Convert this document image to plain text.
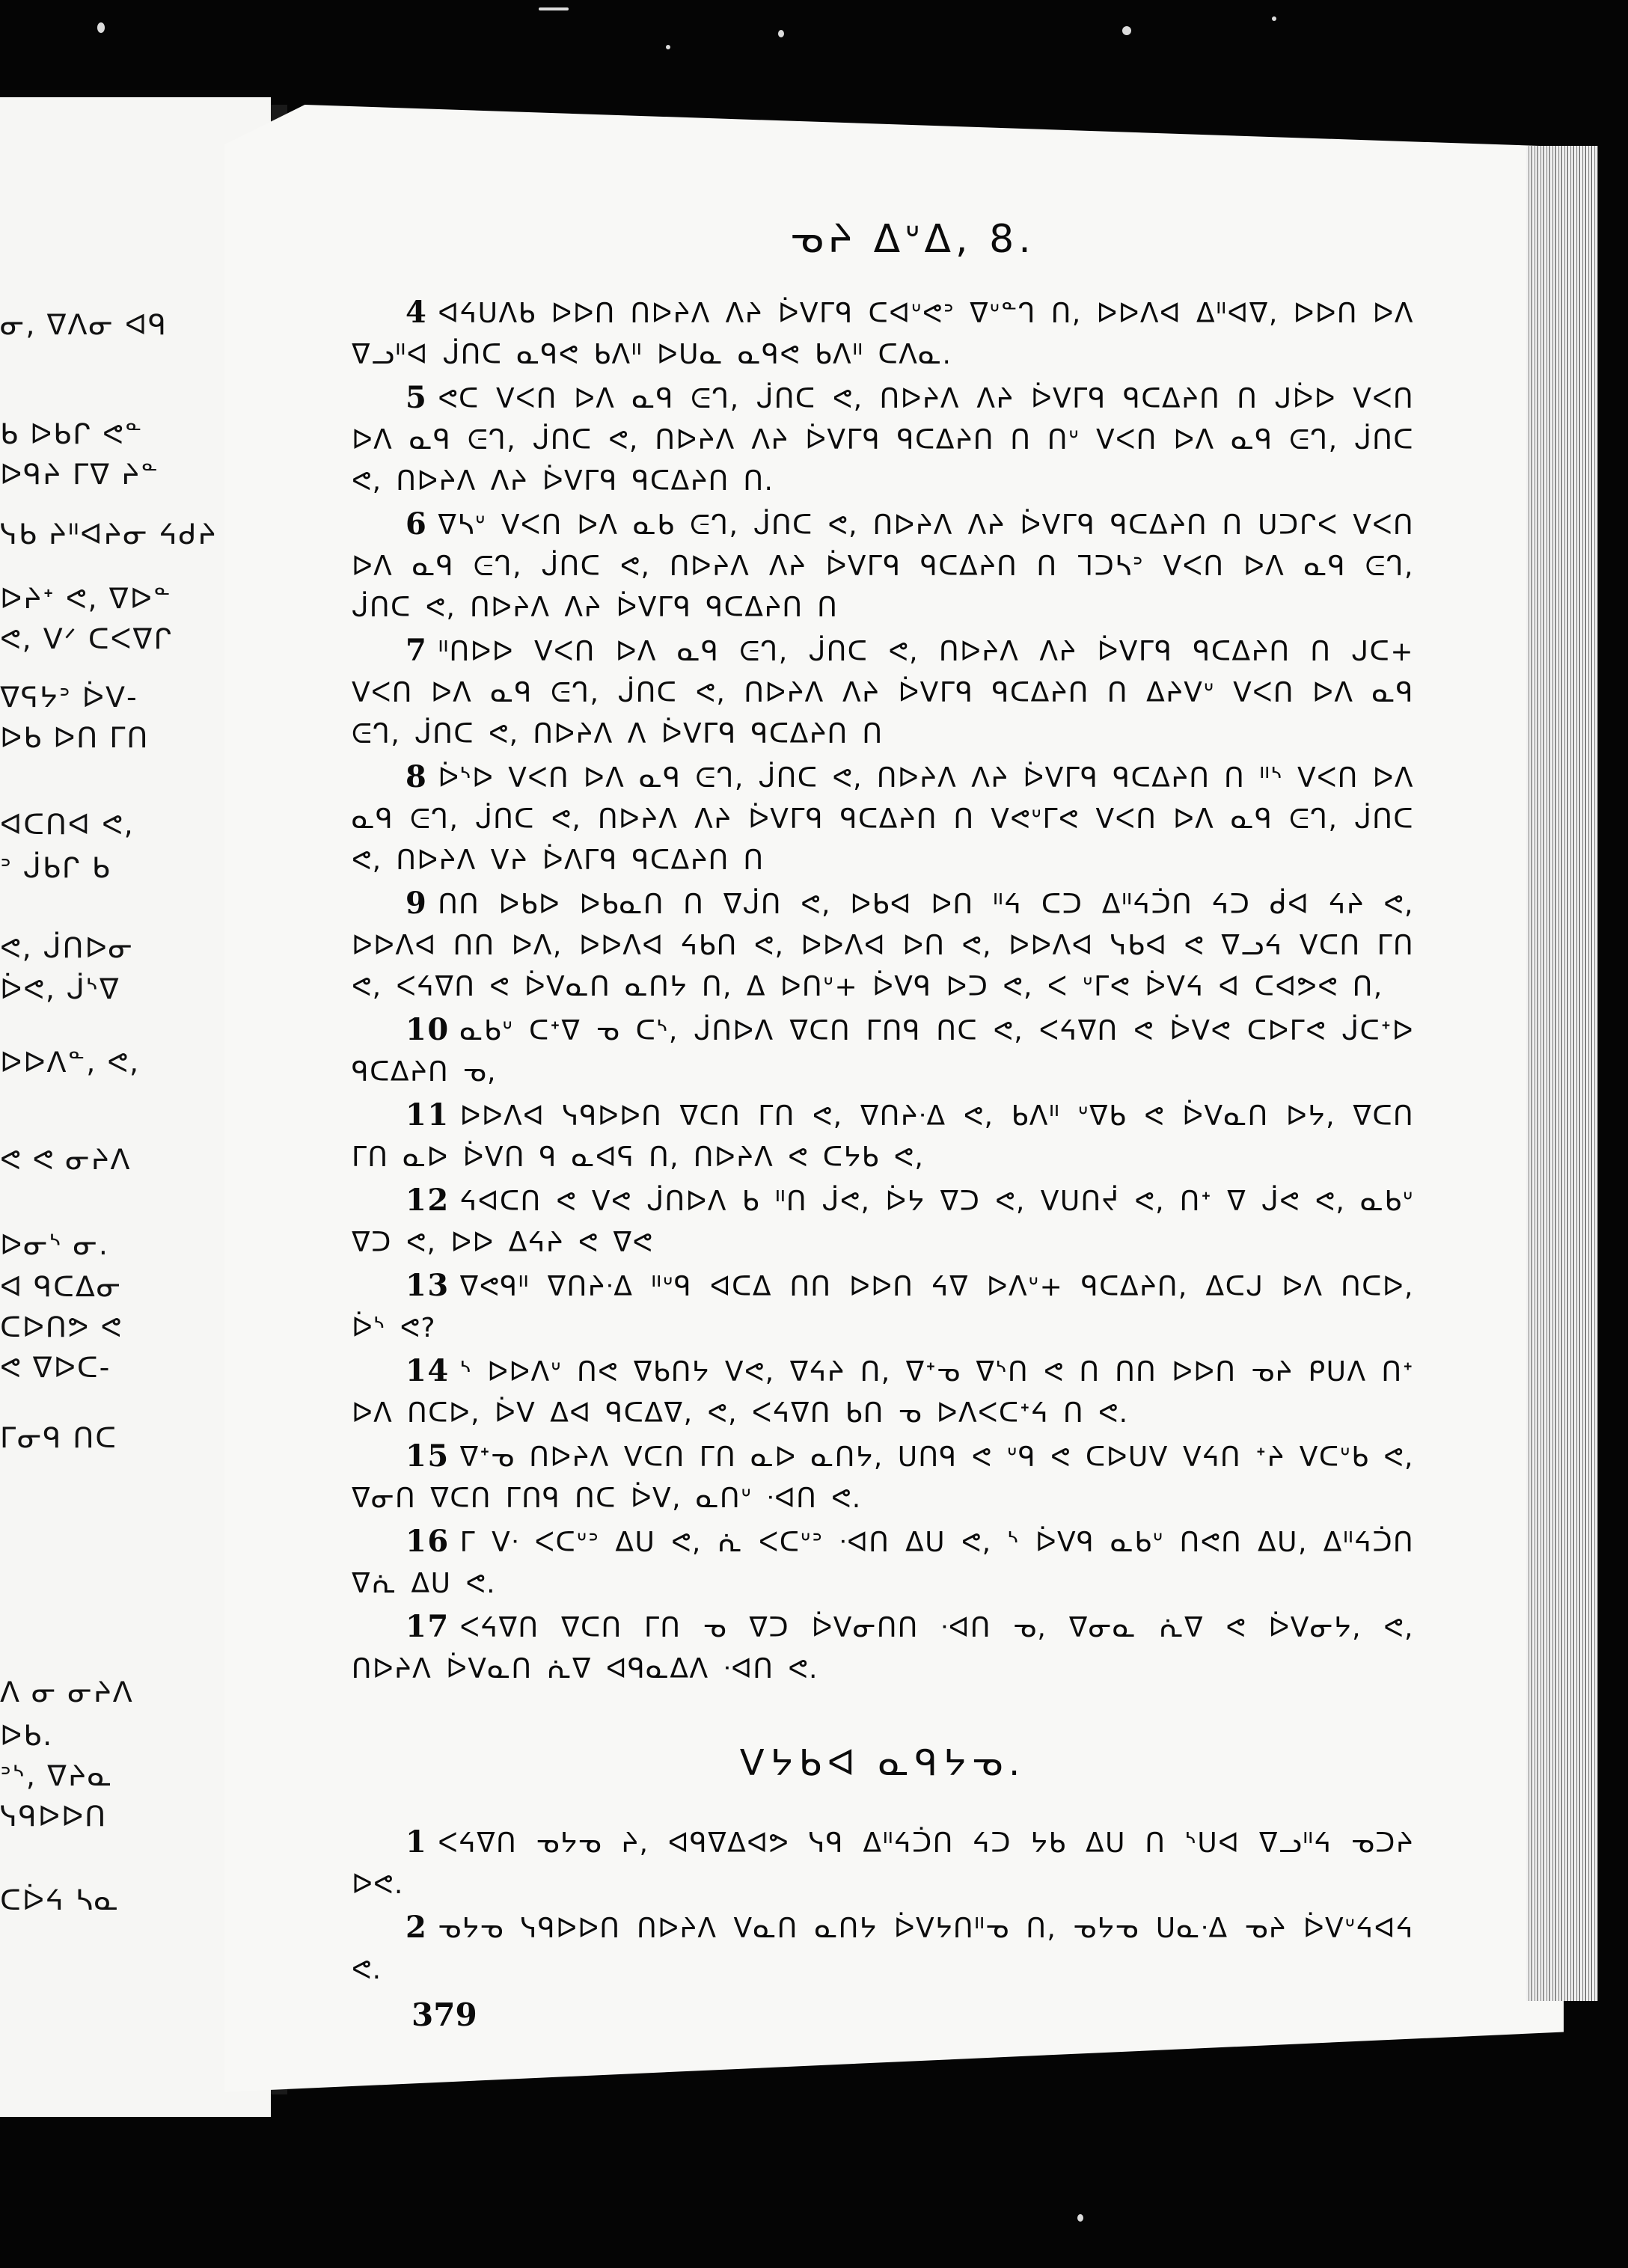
ᓂ, ᐁᐱᓂ ᐊᑫ
ᑲ ᐅᑲᒋ ᕙᓐ
ᐅᑫᔨ ᒥᐁ ᔨᓐ
ᓭᑲ ᔨᐦᐊᔨᓂ ᔦᑯᔨ
ᐅᔨᐩ ᕙ, ᐁᐅᓐ
ᕙ, ᐯᐟ ᑕᐸᐁᒋ
ᐁᕋᔭᐣ ᐆᐯ-
ᐅᑲ ᐅᑎ ᒥᑎ
ᐊᑕᑎᐊ ᕙ,
ᐣ ᒎᑲᒋ ᑲ
ᕙ, ᒎᑎᐅᓂ
ᐆᕙ, ᒎᔅᐁ
ᐅᐅᐱᓐ, ᕙ,
ᕙ ᕙ ᓂᔨᐱ
ᐅᓂᔅ ᓂ.
ᐊ ᑫᑕᐃᓂ
ᑕᐅᑎᕗ ᕙ
ᕙ ᐁᐅᑕ-
ᒥᓂᑫ ᑎᑕ
ᐱ ᓂ ᓂᔨᐱ
ᐅᑲ.
ᐣᔅ, ᐁᔨᓇ
ᓭᑫᐅᐅᑎ
ᑕᐆᔦ ᓴᓇ
ᓀᔨ ᐃᐡᐃ, 8.

4 ᐊᔦᑌᐱᑲ ᐅᐅᑎ ᑎᐅᔨᐱ ᐱᔨ ᐆᐯᒥᑫ ᑕᐊᐡᕙᐣ ᐁᐡᓐᒉ ᑎ, ᐅᐅᐱᐊ ᐃᐦᐊᐁ, ᐅᐅᑎ ᐅᐱ ᐁᓗᐦᐊ ᒎᑎᑕ ᓇᑫᕙ ᑲᐱᐦ ᐅᑌᓇ ᓇᑫᕙ ᑲᐱᐦ ᑕᐱᓇ.

5 ᕙᑕ ᐯᐸᑎ ᐅᐱ ᓇᑫ ᕮᒉ, ᒎᑎᑕ ᕙ, ᑎᐅᔨᐱ ᐱᔨ ᐆᐯᒥᑫ ᑫᑕᐃᔨᑎ ᑎ ᒍᐆᐅ ᐯᐸᑎ ᐅᐱ ᓇᑫ ᕮᒉ, ᒎᑎᑕ ᕙ, ᑎᐅᔨᐱ ᐱᔨ ᐆᐯᒥᑫ ᑫᑕᐃᔨᑎ ᑎ ᑎᐡ ᐯᐸᑎ ᐅᐱ ᓇᑫ ᕮᒉ, ᒎᑎᑕ ᕙ, ᑎᐅᔨᐱ ᐱᔨ ᐆᐯᒥᑫ ᑫᑕᐃᔨᑎ ᑎ.

6 ᐁᓴᐡ ᐯᐸᑎ ᐅᐱ ᓇᑲ ᕮᒉ, ᒎᑎᑕ ᕙ, ᑎᐅᔨᐱ ᐱᔨ ᐆᐯᒥᑫ ᑫᑕᐃᔨᑎ ᑎ ᑌᑐᒋᐸ ᐯᐸᑎ ᐅᐱ ᓇᑫ ᕮᒉ, ᒎᑎᑕ ᕙ, ᑎᐅᔨᐱ ᐱᔨ ᐆᐯᒥᑫ ᑫᑕᐃᔨᑎ ᑎ ᒣᑐᓴᐣ ᐯᐸᑎ ᐅᐱ ᓇᑫ ᕮᒉ, ᒎᑎᑕ ᕙ, ᑎᐅᔨᐱ ᐱᔨ ᐆᐯᒥᑫ ᑫᑕᐃᔨᑎ ᑎ

7 ᐦᑎᐅᐅ ᐯᐸᑎ ᐅᐱ ᓇᑫ ᕮᒉ, ᒎᑎᑕ ᕙ, ᑎᐅᔨᐱ ᐱᔨ ᐆᐯᒥᑫ ᑫᑕᐃᔨᑎ ᑎ ᒍᑕ+ ᐯᐸᑎ ᐅᐱ ᓇᑫ ᕮᒉ, ᒎᑎᑕ ᕙ, ᑎᐅᔨᐱ ᐱᔨ ᐆᐯᒥᑫ ᑫᑕᐃᔨᑎ ᑎ ᐃᔨᐯᐡ ᐯᐸᑎ ᐅᐱ ᓇᑫ ᕮᒉ, ᒎᑎᑕ ᕙ, ᑎᐅᔨᐱ ᐱ ᐆᐯᒥᑫ ᑫᑕᐃᔨᑎ ᑎ

8 ᐆᔅᐅ ᐯᐸᑎ ᐅᐱ ᓇᑫ ᕮᒉ, ᒎᑎᑕ ᕙ, ᑎᐅᔨᐱ ᐱᔨ ᐆᐯᒥᑫ ᑫᑕᐃᔨᑎ ᑎ ᐦᔅ ᐯᐸᑎ ᐅᐱ ᓇᑫ ᕮᒉ, ᒎᑎᑕ ᕙ, ᑎᐅᔨᐱ ᐱᔨ ᐆᐯᒥᑫ ᑫᑕᐃᔨᑎ ᑎ ᐯᕙᐡᒥᕙ ᐯᐸᑎ ᐅᐱ ᓇᑫ ᕮᒉ, ᒎᑎᑕ ᕙ, ᑎᐅᔨᐱ ᐯᔨ ᐆᐱᒥᑫ ᑫᑕᐃᔨᑎ ᑎ

9 ᑎᑎ ᐅᑲᐅ ᐅᑲᓇᑎ ᑎ ᐁᒎᑎ ᕙ, ᐅᑲᐊ ᐅᑎ ᐦᔦ ᑕᑐ ᐃᐦᔦᑑᑎ ᔦᑐ ᑰᐊ ᔦᔨ ᕙ, ᐅᐅᐱᐊ ᑎᑎ ᐅᐱ, ᐅᐅᐱᐊ ᔦᑲᑎ ᕙ, ᐅᐅᐱᐊ ᐅᑎ ᕙ, ᐅᐅᐱᐊ ᓭᑲᐊ ᕙ ᐁᓗᔦ ᐯᑕᑎ ᒥᑎ ᕙ, ᐸᔦᐁᑎ ᕙ ᐆᐯᓇᑎ ᓇᑎᔭ ᑎ, ᐃ ᐅᑎᐡ+ ᐆᐯᑫ ᐅᑐ ᕙ, ᐸ ᐡᒥᕙ ᐆᐯᔦ ᐊ ᑕᐊᕗᕙ ᑎ,

10 ᓇᑲᐡ ᑕᐩᐁ ᓀ ᑕᔅ, ᒎᑎᐅᐱ ᐁᑕᑎ ᒥᑎᑫ ᑎᑕ ᕙ, ᐸᔦᐁᑎ ᕙ ᐆᐯᕙ ᑕᐅᒥᕙ ᒎᑕᐩᐅ ᑫᑕᐃᔨᑎ ᓀ,

11 ᐅᐅᐱᐊ ᓭᑫᐅᐅᑎ ᐁᑕᑎ ᒥᑎ ᕙ, ᐁᑎᔨᐧᐃ ᕙ, ᑲᐱᐦ ᐡᐁᑲ ᕙ ᐆᐯᓇᑎ ᐅᔭ, ᐁᑕᑎ ᒥᑎ ᓇᐅ ᐆᐯᑎ ᑫ ᓇᐊᕋ ᑎ, ᑎᐅᔨᐱ ᕙ ᑕᔭᑲ ᕙ,

12 ᔦᐊᑕᑎ ᕙ ᐯᕙ ᒎᑎᐅᐱ ᑲ ᐦᑎ ᒎᕙ, ᐆᔭ ᐁᑐ ᕙ, ᐯᑌᑎᔫ ᕙ, ᑎᐩ ᐁ ᒎᕙ ᕙ, ᓇᑲᐡ ᐁᑐ ᕙ, ᐅᐅ ᐃᔦᔨ ᕙ ᐁᕙ

13 ᐁᕙᑫᐦ ᐁᑎᔨᐧᐃ ᐦᐡᑫ ᐊᑕᐃ ᑎᑎ ᐅᐅᑎ ᔦᐁ ᐅᐱᐡ+ ᑫᑕᐃᔨᑎ, ᐃᑕᒍ ᐅᐱ ᑎᑕᐅ, ᐆᔅ ᕙ?

14 ᔅ ᐅᐅᐱᐡ ᑎᕙ ᐁᑲᑎᔭ ᐯᕙ, ᐁᔦᔨ ᑎ, ᐁᐩᓀ ᐁᔅᑎ ᕙ ᑎ ᑎᑎ ᐅᐅᑎ ᓀᔨ ᑭᑌᐱ ᑎᐩ ᐅᐱ ᑎᑕᐅ, ᐆᐯ ᐃᐊ ᑫᑕᐃᐁ, ᕙ, ᐸᔦᐁᑎ ᑲᑎ ᓀ ᐅᐱᐸᑕᐩᔦ ᑎ ᕙ.

15 ᐁᐩᓀ ᑎᐅᔨᐱ ᐯᑕᑎ ᒥᑎ ᓇᐅ ᓇᑎᔭ, ᑌᑎᑫ ᕙ ᐡᑫ ᕙ ᑕᐅᑌᐯ ᐯᔦᑎ ᐩᔨ ᐯᑕᐡᑲ ᕙ, ᐁᓂᑎ ᐁᑕᑎ ᒥᑎᑫ ᑎᑕ ᐆᐯ, ᓇᑎᐡ ᐧᐊᑎ ᕙ.

16 ᒥ ᐯᐧ ᐸᑕᐡᐣ ᐃᑌ ᕙ, ᕇ ᐸᑕᐡᐣ ᐧᐊᑎ ᐃᑌ ᕙ, ᔅ ᐆᐯᑫ ᓇᑲᐡ ᑎᕙᑎ ᐃᑌ, ᐃᐦᔦᑑᑎ ᐁᕇ ᐃᑌ ᕙ.

17 ᐸᔦᐁᑎ ᐁᑕᑎ ᒥᑎ ᓀ ᐁᑐ ᐆᐯᓂᑎᑎ ᐧᐊᑎ ᓀ, ᐁᓂᓇ ᕇᐁ ᕙ ᐆᐯᓂᔭ, ᕙ, ᑎᐅᔨᐱ ᐆᐯᓇᑎ ᕇᐁ ᐊᑫᓇᐃᐱ ᐧᐊᑎ ᕙ.

ᐯᔭᑲᐊ ᓇᑫᔭᓀ.

1 ᐸᔦᐁᑎ ᓀᔭᓀ ᔨ, ᐊᑫᐁᐃᐊᕗ ᓭᑫ ᐃᐦᔦᑑᑎ ᔦᑐ ᔭᑲ ᐃᑌ ᑎ ᔅᑌᐊ ᐁᓗᐦᔦ ᓀᑐᔨ ᐅᕙ.

2 ᓀᔭᓀ ᓭᑫᐅᐅᑎ ᑎᐅᔨᐱ ᐯᓇᑎ ᓇᑎᔭ ᐆᐯᔭᑎᐦᓀ ᑎ, ᓀᔭᓀ ᑌᓇᐧᐃ ᓀᔨ ᐆᐯᐡᔦᐊᔦ ᕙ.

379
